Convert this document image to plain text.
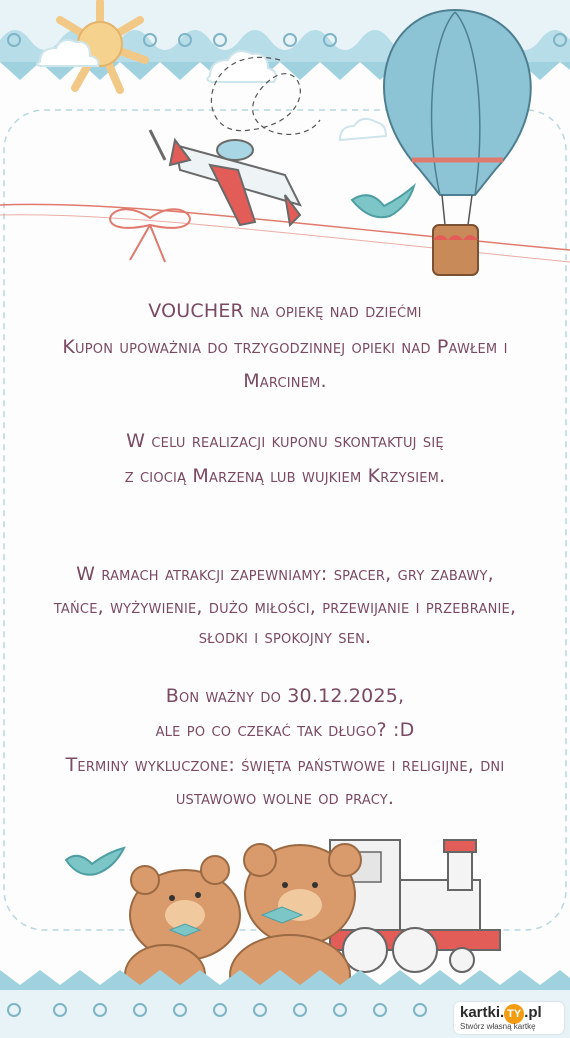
VOUCHER na opiekę nad dziećmi
Kupon upoważnia do trzygodzinnej opieki nad Pawłem i
Marcinem.
W celu realizacji kuponu skontaktuj się
z ciocią Marzeną lub wujkiem Krzysiem.
W ramach atrakcji zapewniamy: spacer, gry zabawy,
tańce, wyżywienie, dużo miłości, przewijanie i przebranie,
słodki i spokojny sen.
Bon ważny do 30.12.2025,
ale po co czekać tak długo? :D
Terminy wykluczone: święta państwowe i religijne, dni
ustawowo wolne od pracy.
kartki. TY .pl
Stwórz własną kartkę
